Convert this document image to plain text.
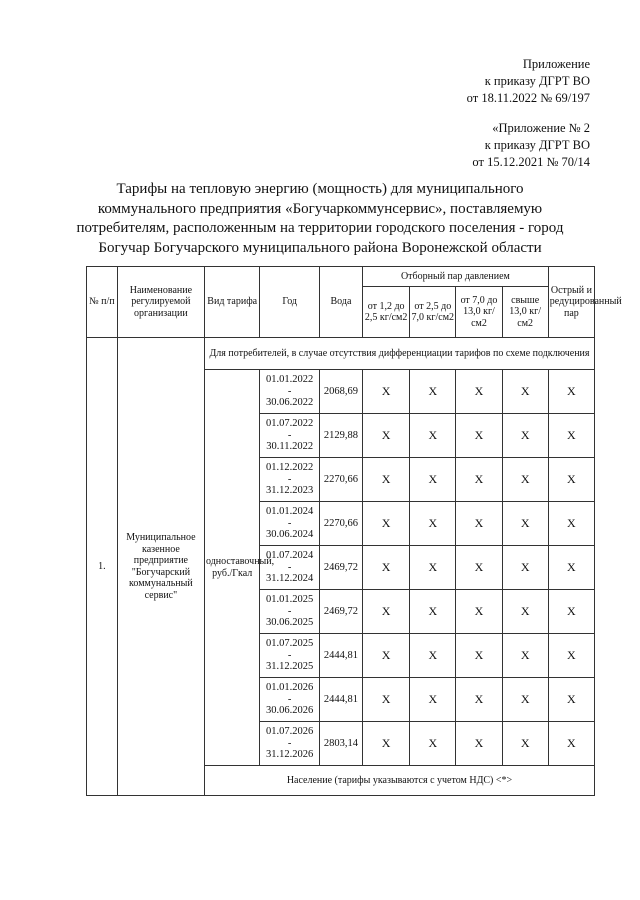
Приложение
к приказу ДГРТ ВО
от 18.11.2022 № 69/197
«Приложение № 2
к приказу ДГРТ ВО
от 15.12.2021 № 70/14
Тарифы на тепловую энергию (мощность) для муниципального
коммунального предприятия «Богучаркоммунсервис», поставляемую
потребителям, расположенным на территории городского поселения - город
Богучар Богучарского муниципального района Воронежской области
№ п/п	Наименование регулируемой организации	Вид тарифа	Год	Вода	Отборный пар давлением				Острый и редуцированный пар
					от 1,2 до 2,5 кг/см2	от 2,5 до 7,0 кг/см2	от 7,0 до 13,0 кг/см2	свыше 13,0 кг/см2	
1.	Муниципальное казенное предприятие "Богучарский коммунальный сервис"	Для потребителей, в случае отсутствия дифференциации тарифов по схеме подключения							
		одноставочный, руб./Гкал	01.01.2022
-
30.06.2022	2068,69	X	X	X	X	X

			01.07.2022
-
30.11.2022	2129,88	X	X	X	X	X

			01.12.2022
-
31.12.2023	2270,66	X	X	X	X	X

			01.01.2024
-
30.06.2024	2270,66	X	X	X	X	X

			01.07.2024
-
31.12.2024	2469,72	X	X	X	X	X

			01.01.2025
-
30.06.2025	2469,72	X	X	X	X	X

			01.07.2025
-
31.12.2025	2444,81	X	X	X	X	X

			01.01.2026
-
30.06.2026	2444,81	X	X	X	X	X

			01.07.2026
-
31.12.2026	2803,14	X	X	X	X	X
		Население (тарифы указываются с учетом НДС) <*>							
